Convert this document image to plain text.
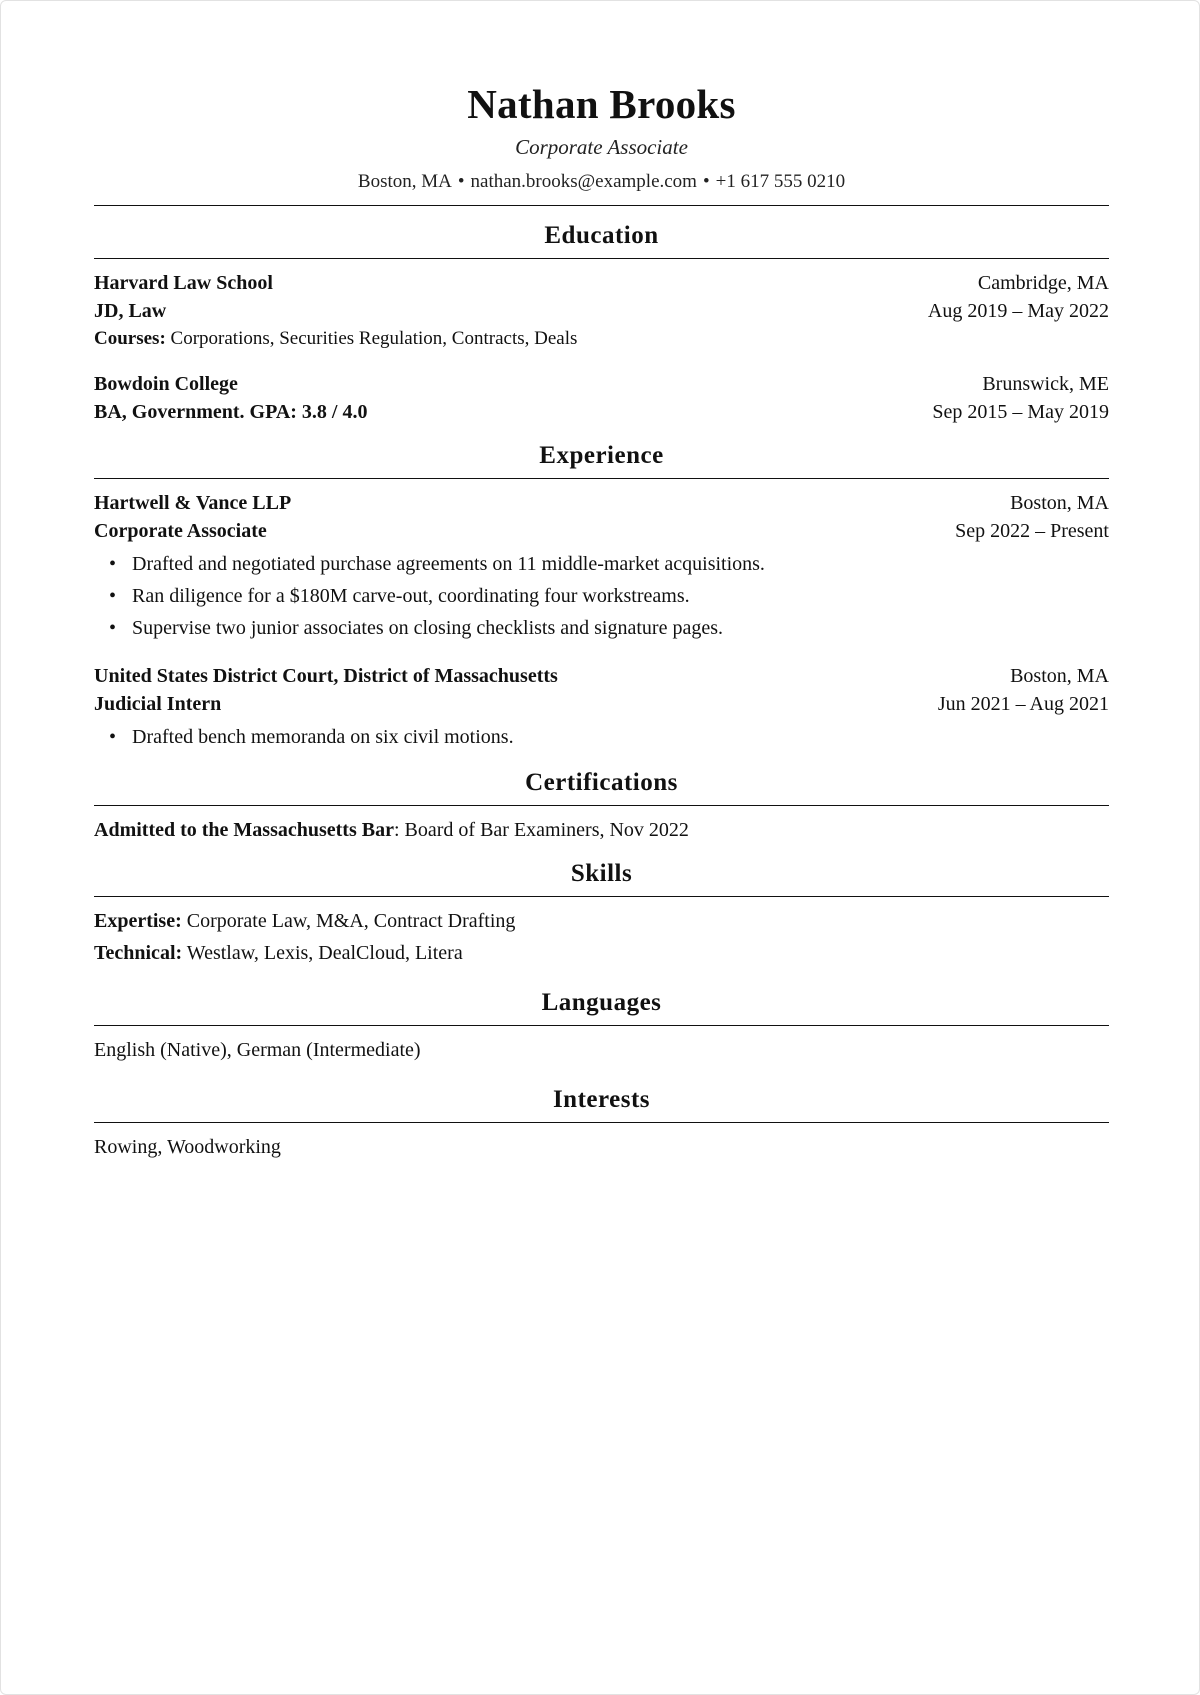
Nathan Brooks
Corporate Associate
Boston, MA • nathan.brooks@example.com • +1 617 555 0210
Education
Harvard Law School	Cambridge, MA
JD, Law	Aug 2019 – May 2022
Courses: Corporations, Securities Regulation, Contracts, Deals
Bowdoin College	Brunswick, ME
BA, Government. GPA: 3.8 / 4.0	Sep 2015 – May 2019
Experience
Hartwell & Vance LLP	Boston, MA
Corporate Associate	Sep 2022 – Present
• Drafted and negotiated purchase agreements on 11 middle-market acquisitions.
• Ran diligence for a $180M carve-out, coordinating four workstreams.
• Supervise two junior associates on closing checklists and signature pages.
United States District Court, District of Massachusetts	Boston, MA
Judicial Intern	Jun 2021 – Aug 2021
• Drafted bench memoranda on six civil motions.
Certifications
Admitted to the Massachusetts Bar: Board of Bar Examiners, Nov 2022
Skills
Expertise: Corporate Law, M&A, Contract Drafting
Technical: Westlaw, Lexis, DealCloud, Litera
Languages
English (Native), German (Intermediate)
Interests
Rowing, Woodworking
